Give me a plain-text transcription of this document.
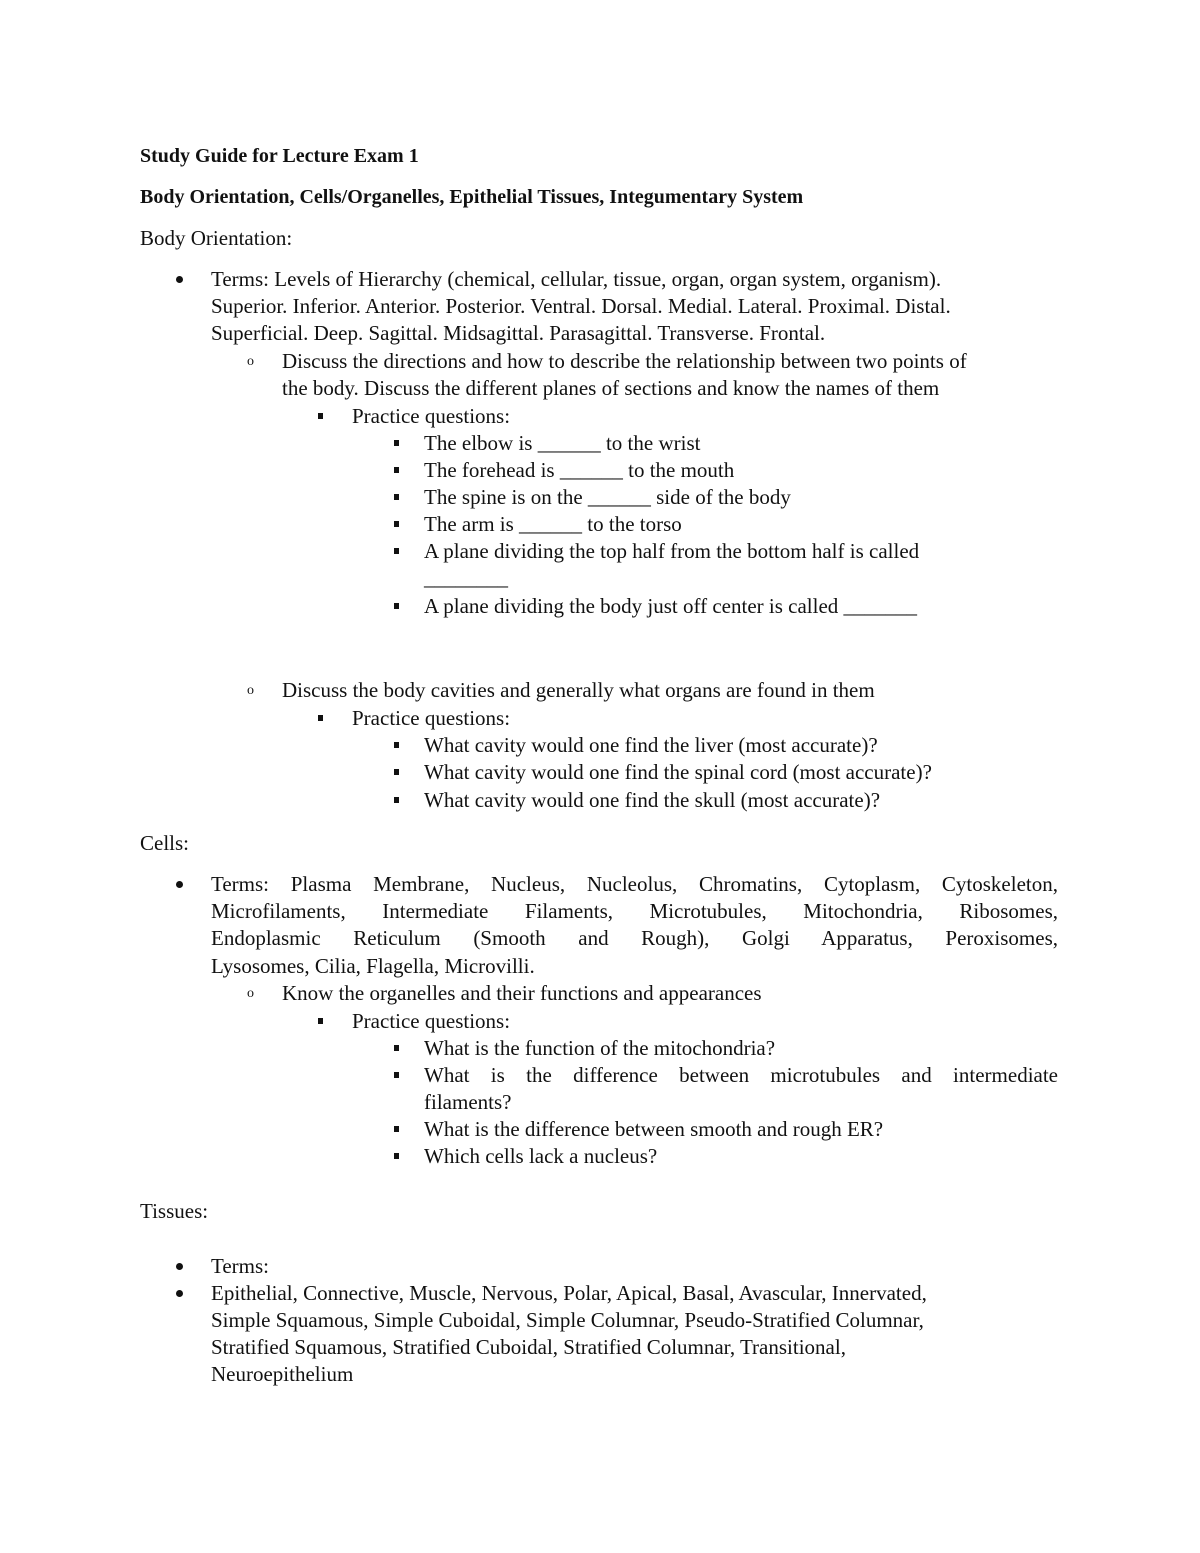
Study Guide for Lecture Exam 1
Body Orientation, Cells/Organelles, Epithelial Tissues, Integumentary System
Body Orientation:
Terms: Levels of Hierarchy (chemical, cellular, tissue, organ, organ system, organism).
Superior. Inferior. Anterior. Posterior. Ventral. Dorsal. Medial. Lateral. Proximal. Distal.
Superficial. Deep. Sagittal. Midsagittal. Parasagittal. Transverse. Frontal.
o Discuss the directions and how to describe the relationship between two points of
the body. Discuss the different planes of sections and know the names of them
Practice questions:
The elbow is ______ to the wrist
The forehead is ______ to the mouth
The spine is on the ______ side of the body
The arm is ______ to the torso
A plane dividing the top half from the bottom half is called
________
A plane dividing the body just off center is called _______
o Discuss the body cavities and generally what organs are found in them
Practice questions:
What cavity would one find the liver (most accurate)?
What cavity would one find the spinal cord (most accurate)?
What cavity would one find the skull (most accurate)?
Cells:
Terms: Plasma Membrane, Nucleus, Nucleolus, Chromatins, Cytoplasm, Cytoskeleton,
Microfilaments, Intermediate Filaments, Microtubules, Mitochondria, Ribosomes,
Endoplasmic Reticulum (Smooth and Rough), Golgi Apparatus, Peroxisomes,
Lysosomes, Cilia, Flagella, Microvilli.
o Know the organelles and their functions and appearances
Practice questions:
What is the function of the mitochondria?
What is the difference between microtubules and intermediate
filaments?
What is the difference between smooth and rough ER?
Which cells lack a nucleus?
Tissues:
Terms:
Epithelial, Connective, Muscle, Nervous, Polar, Apical, Basal, Avascular, Innervated,
Simple Squamous, Simple Cuboidal, Simple Columnar, Pseudo-Stratified Columnar,
Stratified Squamous, Stratified Cuboidal, Stratified Columnar, Transitional,
Neuroepithelium
